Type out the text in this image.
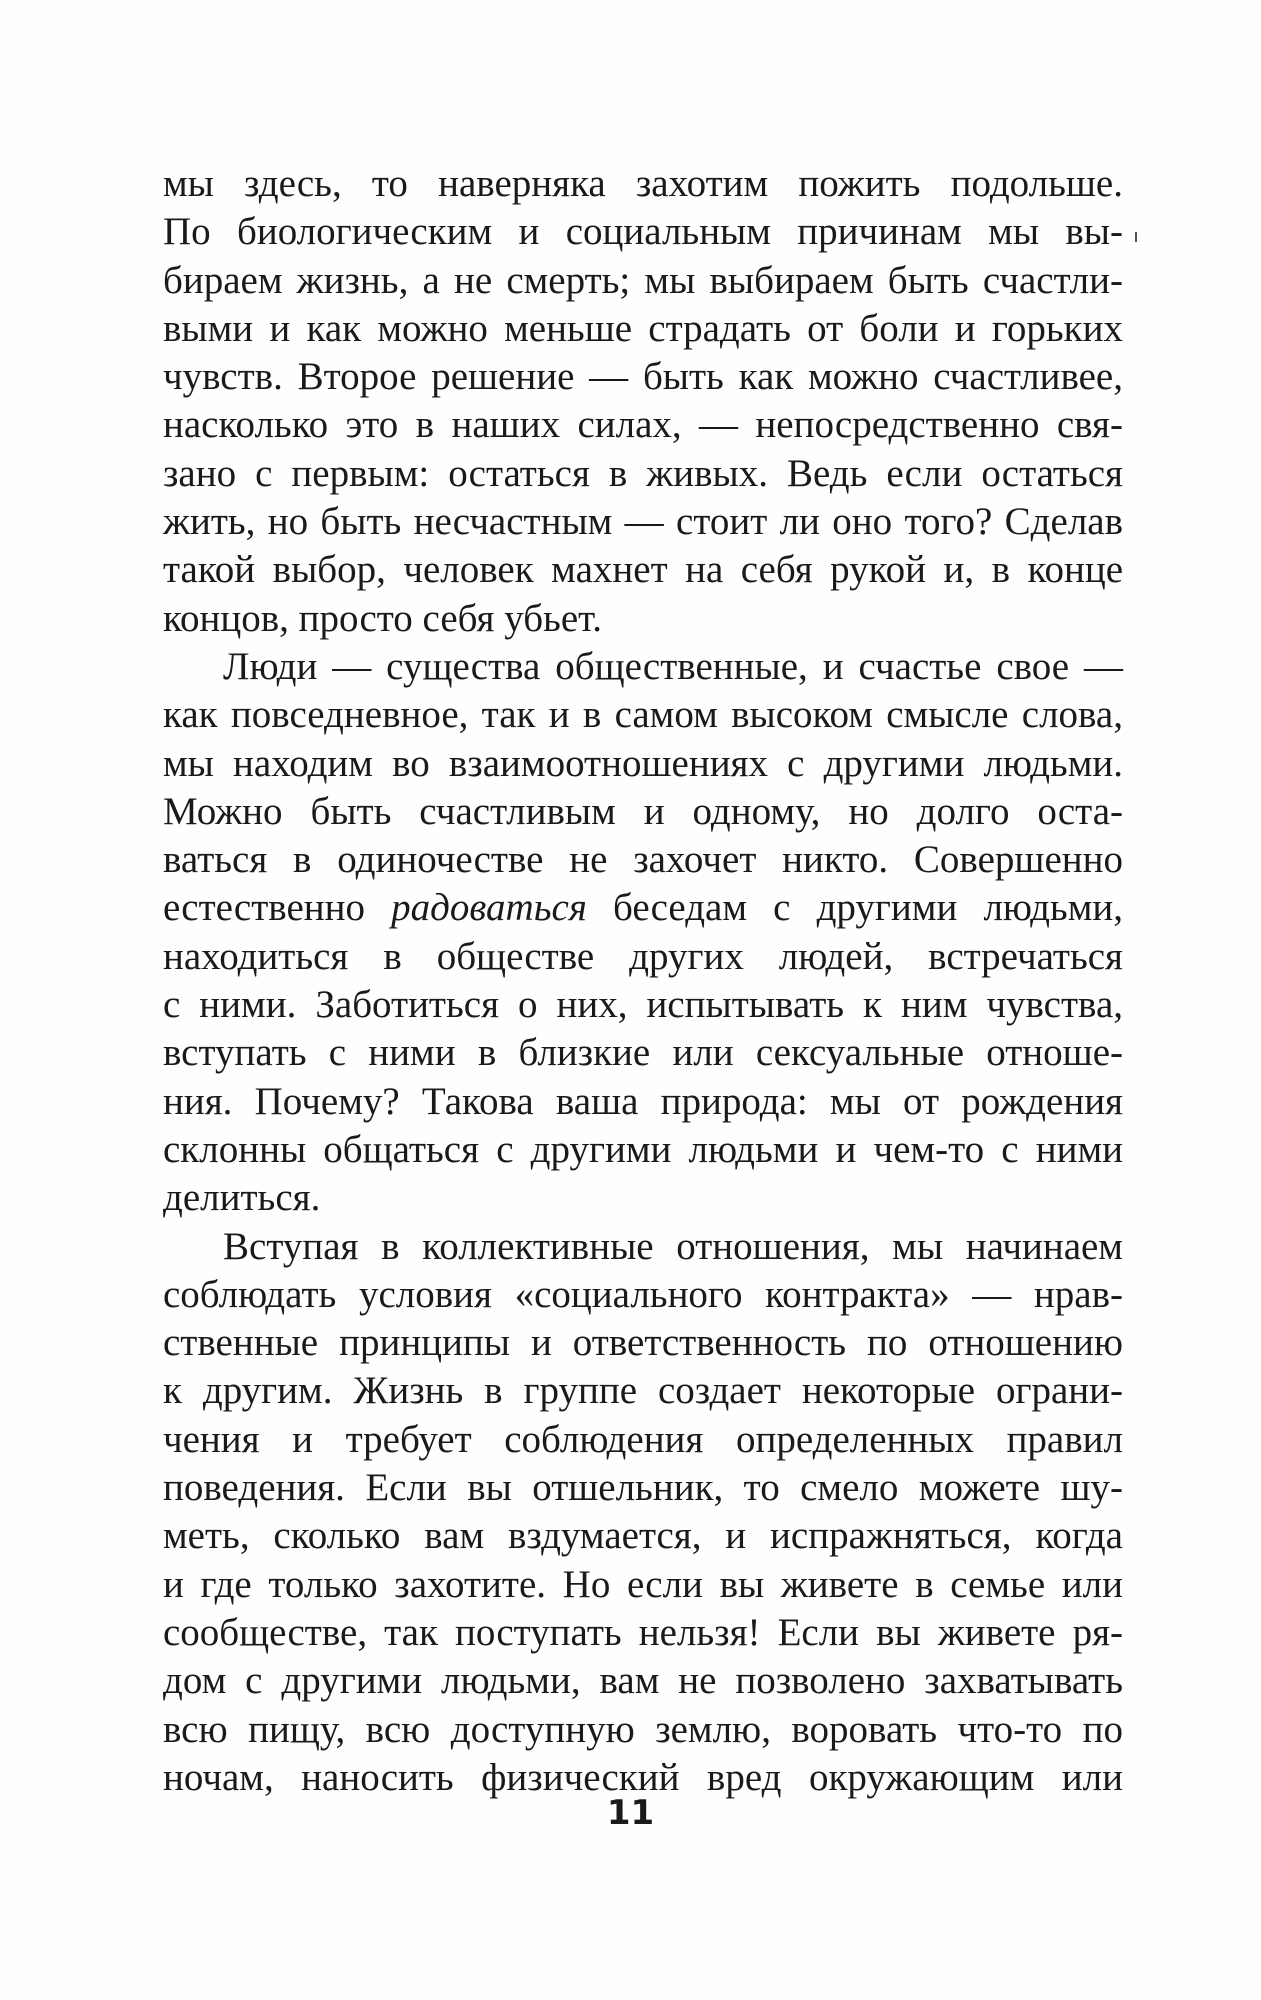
мы здесь, то наверняка захотим пожить подольше.
По биологическим и социальным причинам мы вы-
бираем жизнь, а не смерть; мы выбираем быть счастли-
выми и как можно меньше страдать от боли и горьких
чувств. Второе решение — быть как можно счастливее,
насколько это в наших силах, — непосредственно свя-
зано с первым: остаться в живых. Ведь если остаться
жить, но быть несчастным — стоит ли оно того? Сделав
такой выбор, человек махнет на себя рукой и, в конце
концов, просто себя убьет.
Люди — существа общественные, и счастье свое —
как повседневное, так и в самом высоком смысле слова,
мы находим во взаимоотношениях с другими людьми.
Можно быть счастливым и одному, но долго оста-
ваться в одиночестве не захочет никто. Совершенно
естественно радоваться беседам с другими людьми,
находиться в обществе других людей, встречаться
с ними. Заботиться о них, испытывать к ним чувства,
вступать с ними в близкие или сексуальные отноше-
ния. Почему? Такова ваша природа: мы от рождения
склонны общаться с другими людьми и чем-то с ними
делиться.
Вступая в коллективные отношения, мы начинаем
соблюдать условия «социального контракта» — нрав-
ственные принципы и ответственность по отношению
к другим. Жизнь в группе создает некоторые ограни-
чения и требует соблюдения определенных правил
поведения. Если вы отшельник, то смело можете шу-
меть, сколько вам вздумается, и испражняться, когда
и где только захотите. Но если вы живете в семье или
сообществе, так поступать нельзя! Если вы живете ря-
дом с другими людьми, вам не позволено захватывать
всю пищу, всю доступную землю, воровать что-то по
ночам, наносить физический вред окружающим или
11
